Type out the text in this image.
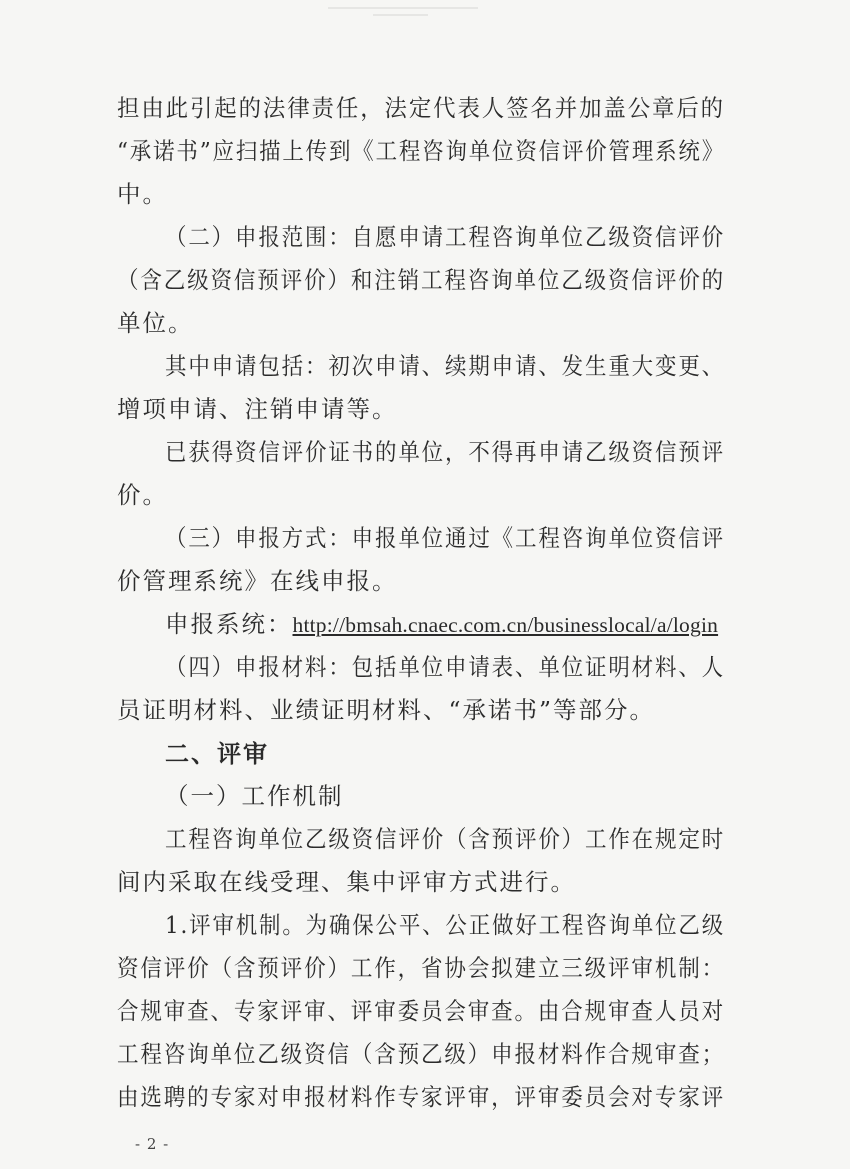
担由此引起的法律责任，法定代表人签名并加盖公章后的
“承诺书”应扫描上传到《工程咨询单位资信评价管理系统》
中。
（二）申报范围：自愿申请工程咨询单位乙级资信评价
（含乙级资信预评价）和注销工程咨询单位乙级资信评价的
单位。
其中申请包括：初次申请、续期申请、发生重大变更、
增项申请、注销申请等。
已获得资信评价证书的单位，不得再申请乙级资信预评
价。
（三）申报方式：申报单位通过《工程咨询单位资信评
价管理系统》在线申报。
申报系统：http://bmsah.cnaec.com.cn/businesslocal/a/login
（四）申报材料：包括单位申请表、单位证明材料、人
员证明材料、业绩证明材料、“承诺书”等部分。
二、评审
（一）工作机制
工程咨询单位乙级资信评价（含预评价）工作在规定时
间内采取在线受理、集中评审方式进行。
1.评审机制。为确保公平、公正做好工程咨询单位乙级
资信评价（含预评价）工作，省协会拟建立三级评审机制：
合规审查、专家评审、评审委员会审查。由合规审查人员对
工程咨询单位乙级资信（含预乙级）申报材料作合规审查；
由选聘的专家对申报材料作专家评审，评审委员会对专家评
- 2 -
